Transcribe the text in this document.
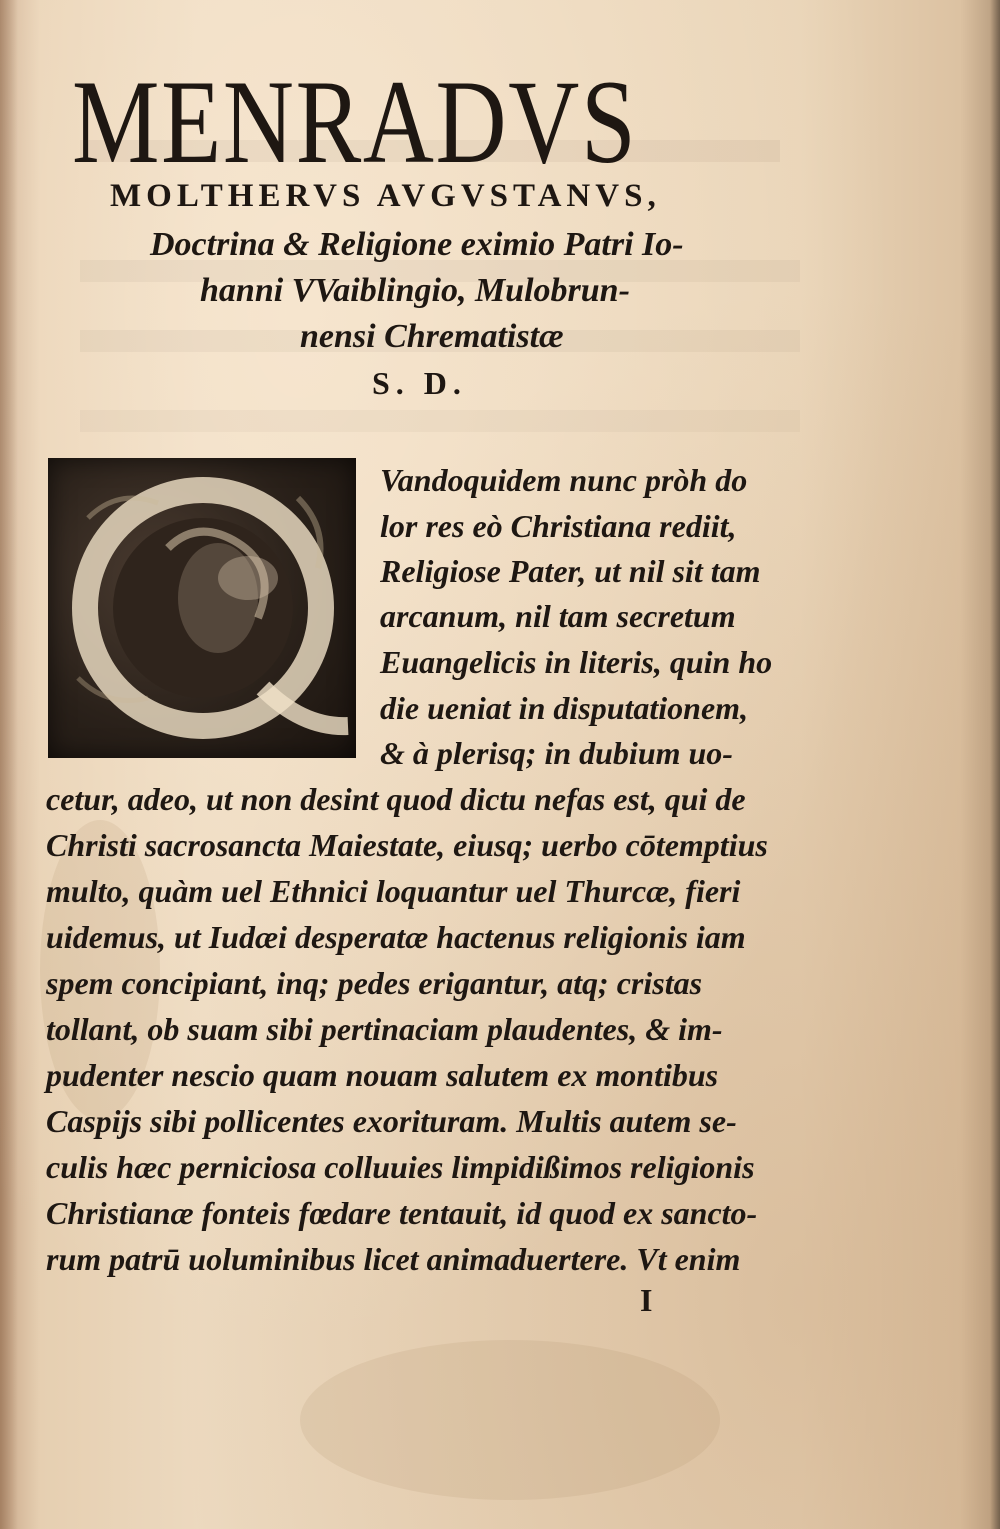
MENRADVS
MOLTHERVS AVGVSTANVS,
Doctrina & Religione eximio Patri Io-
hanni VVaiblingio, Mulobrun-
nensi Chrematistæ
S. D.
Vandoquidem nunc pròh do
lor res eò Christiana rediit,
Religiose Pater, ut nil sit tam
arcanum, nil tam secretum
Euangelicis in literis, quin ho
die ueniat in disputationem,
& à plerisq; in dubium uo-
cetur, adeo, ut non desint quod dictu nefas est, qui de
Christi sacrosancta Maiestate, eiusq; uerbo cōtemptius
multo, quàm uel Ethnici loquantur uel Thurcæ, fieri
uidemus, ut Iudæi desperatæ hactenus religionis iam
spem concipiant, inq; pedes erigantur, atq; cristas
tollant, ob suam sibi pertinaciam plaudentes, & im-
pudenter nescio quam nouam salutem ex montibus
Caspijs sibi pollicentes exorituram. Multis autem se-
culis hæc perniciosa colluuies limpidißimos religionis
Christianæ fonteis fœdare tentauit, id quod ex sancto-
rum patrū uoluminibus licet animaduertere. Vt enim
I
